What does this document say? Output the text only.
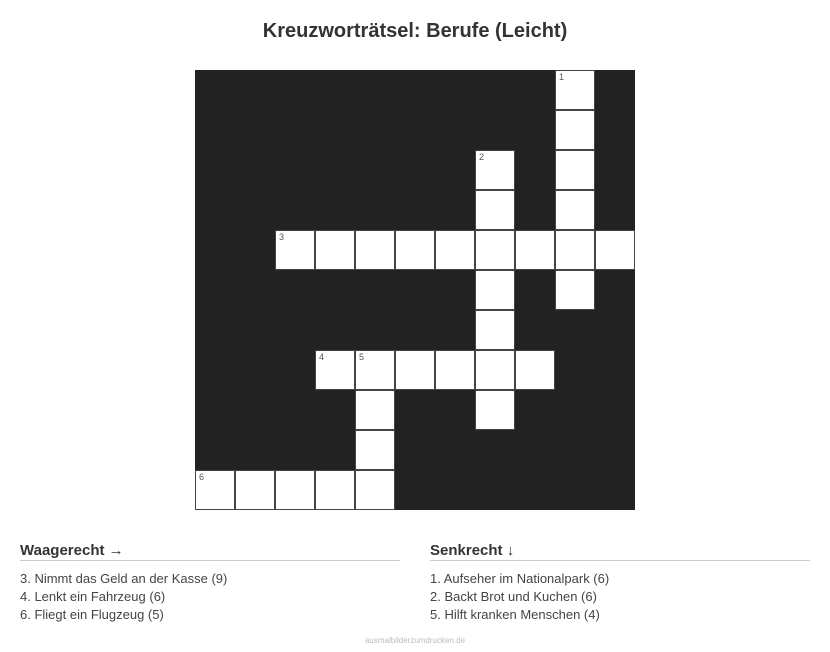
Kreuzworträtsel: Berufe (Leicht)
1
2
3
4	5
6
Waagerecht →
3. Nimmt das Geld an der Kasse (9)
4. Lenkt ein Fahrzeug (6)
6. Fliegt ein Flugzeug (5)
Senkrecht ↓
1. Aufseher im Nationalpark (6)
2. Backt Brot und Kuchen (6)
5. Hilft kranken Menschen (4)
ausmalbilderzumdrucken.de
